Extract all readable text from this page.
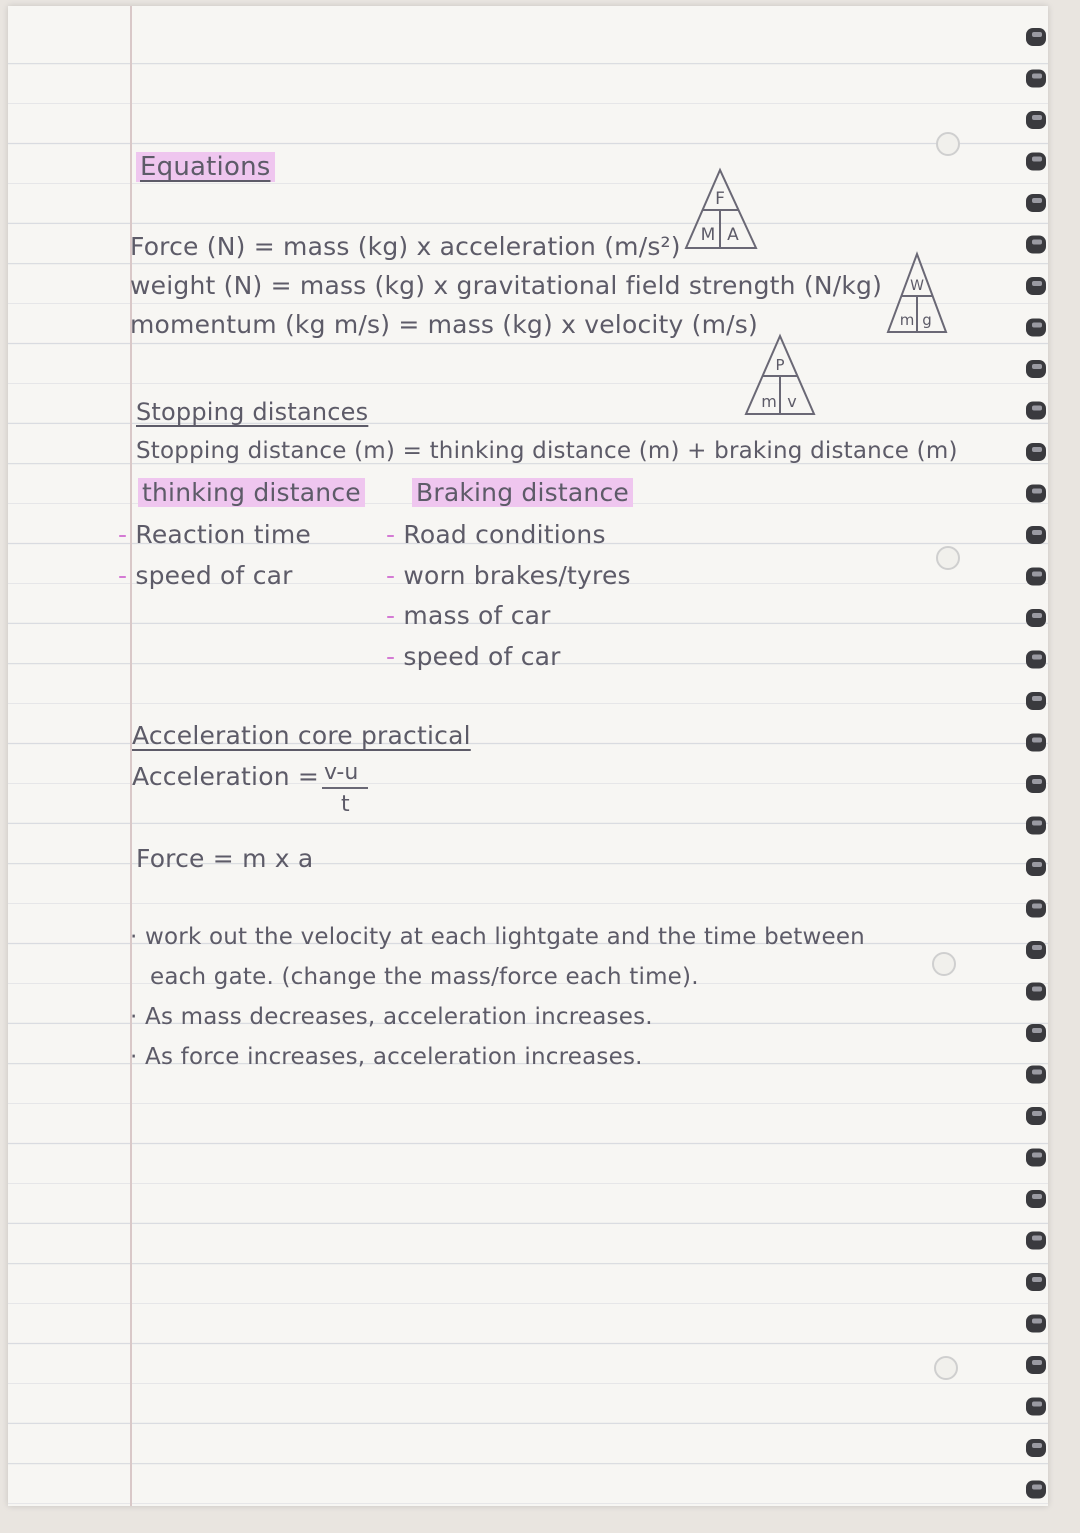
Equations
Force (N) = mass (kg) x acceleration (m/s²)
weight (N) = mass (kg) x gravitational field strength (N/kg)
momentum (kg m/s) = mass (kg) x velocity (m/s)
F
M A
W
m g
P
m v
Stopping distances
Stopping distance (m) = thinking distance (m) + braking distance (m)
thinking distance Braking distance
- Reaction time
- speed of car
- Road conditions
- worn brakes/tyres
- mass of car
- speed of car
Acceleration core practical
Acceleration = v-u
t
Force = m x a
· work out the velocity at each lightgate and the time between
each gate. (change the mass/force each time).
· As mass decreases, acceleration increases.
· As force increases, acceleration increases.
